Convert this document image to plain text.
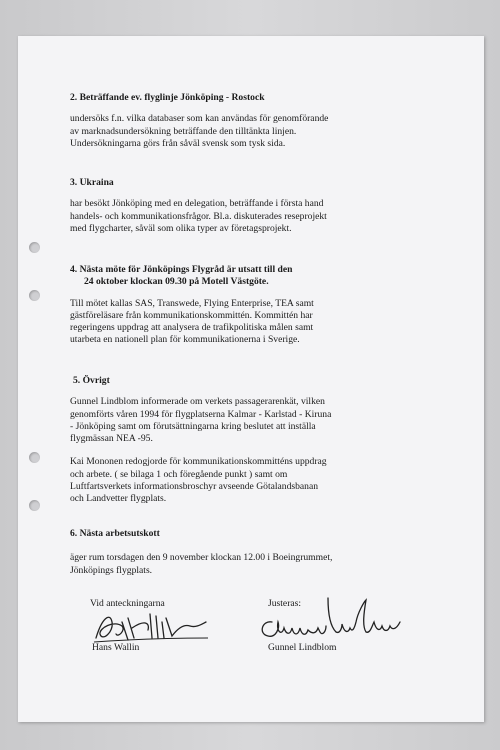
2. Beträffande ev. flyglinje Jönköping - Rostock

undersöks f.n. vilka databaser som kan användas för genomförande

av marknadsundersökning beträffande den tilltänkta linjen.

Undersökningarna görs från såväl svensk som tysk sida.

3. Ukraina

har besökt Jönköping med en delegation, beträffande i första hand

handels- och kommunikationsfrågor. Bl.a. diskuterades reseprojekt

med flygcharter, såväl som olika typer av företagsprojekt.

4. Nästa möte för Jönköpings Flygråd är utsatt till den
24 oktober klockan 09.30 på Motell Västgöte.

Till mötet kallas SAS, Transwede, Flying Enterprise, TEA samt

gästföreläsare från kommunikationskommittén. Kommittén har

regeringens uppdrag att analysera de trafikpolitiska målen samt

utarbeta en nationell plan för kommunikationerna i Sverige.

5. Övrigt

Gunnel Lindblom informerade om verkets passagerarenkät, vilken

genomförts våren 1994 för flygplatserna Kalmar - Karlstad - Kiruna

- Jönköping samt om förutsättningarna kring beslutet att inställa

flygmässan NEA -95.

Kai Mononen redogjorde för kommunikationskommitténs uppdrag

och arbete. ( se bilaga 1 och föregående punkt ) samt om

Luftfartsverkets informationsbroschyr avseende Götalandsbanan

och Landvetter flygplats.

6. Nästa arbetsutskott

äger rum torsdagen den 9 november klockan 12.00 i Boeingrummet,

Jönköpings flygplats.

Vid anteckningarna
Hans Wallin
Justeras:
Gunnel Lindblom
